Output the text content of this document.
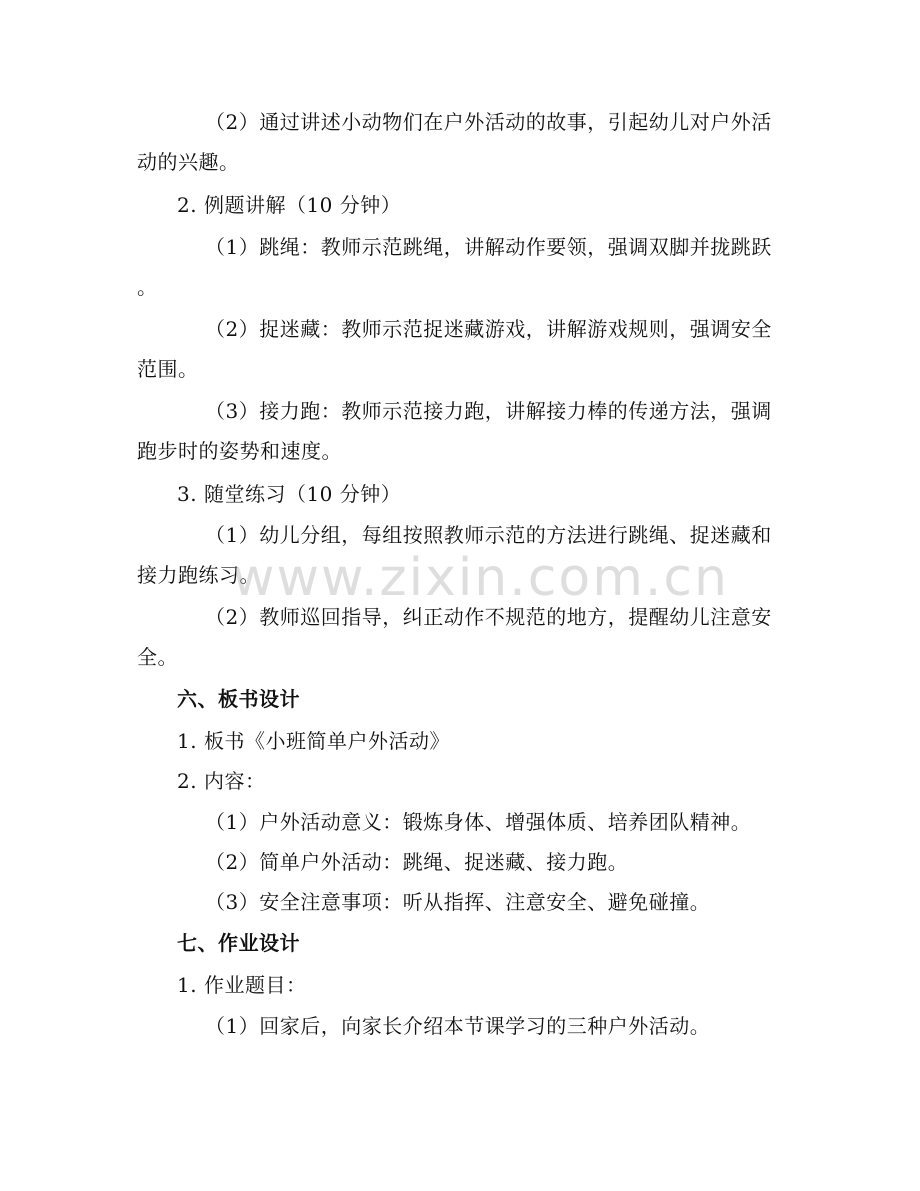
（2）通过讲述小动物们在户外活动的故事，引起幼儿对户外活
动的兴趣。
2. 例题讲解（10 分钟）
（1）跳绳：教师示范跳绳，讲解动作要领，强调双脚并拢跳跃
。
（2）捉迷藏：教师示范捉迷藏游戏，讲解游戏规则，强调安全
范围。
（3）接力跑：教师示范接力跑，讲解接力棒的传递方法，强调
跑步时的姿势和速度。
3. 随堂练习（10 分钟）
（1）幼儿分组，每组按照教师示范的方法进行跳绳、捉迷藏和
接力跑练习。
（2）教师巡回指导，纠正动作不规范的地方，提醒幼儿注意安
全。
六、板书设计
1. 板书《小班简单户外活动》
2. 内容：
（1）户外活动意义：锻炼身体、增强体质、培养团队精神。
（2）简单户外活动：跳绳、捉迷藏、接力跑。
（3）安全注意事项：听从指挥、注意安全、避免碰撞。
七、作业设计
1. 作业题目：
（1）回家后，向家长介绍本节课学习的三种户外活动。
www.zixin.com.cn
